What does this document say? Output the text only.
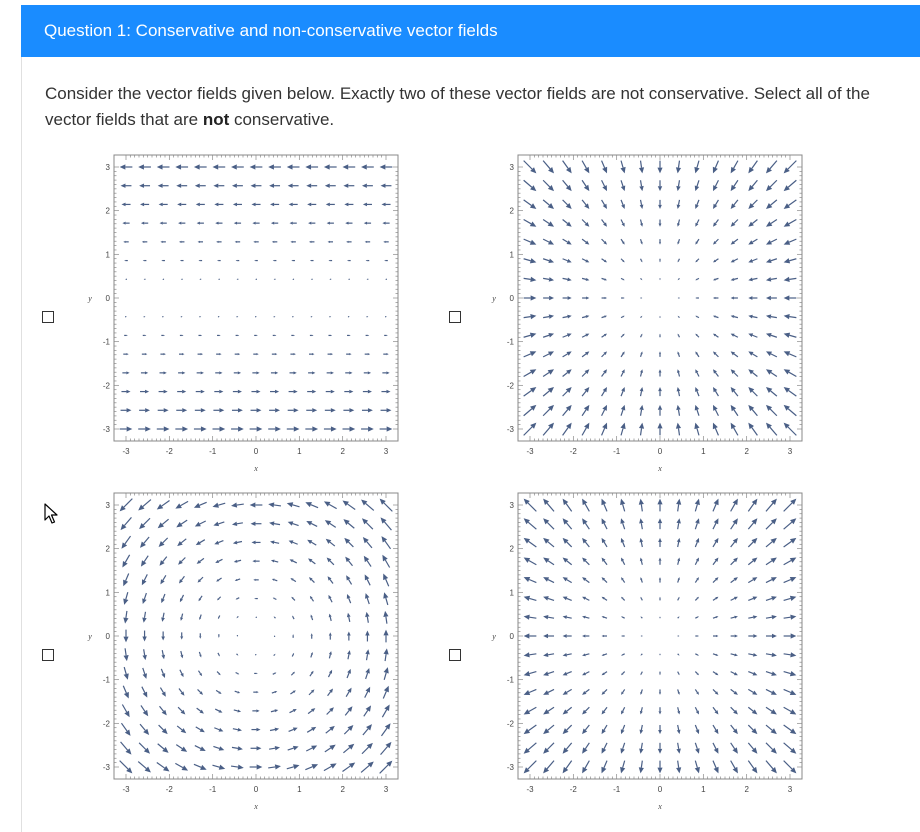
Question 1: Conservative and non-conservative vector fields
Consider the vector fields given below. Exactly two of these vector fields are not conservative. Select all of the vector fields that are not conservative.
-3
-3
-2
-2
-1
-1
0
0
1
1
2
2
3
3
x
y
-3
-3
-2
-2
-1
-1
0
0
1
1
2
2
3
3
x
y
-3
-3
-2
-2
-1
-1
0
0
1
1
2
2
3
3
x
y
-3
-3
-2
-2
-1
-1
0
0
1
1
2
2
3
3
x
y
